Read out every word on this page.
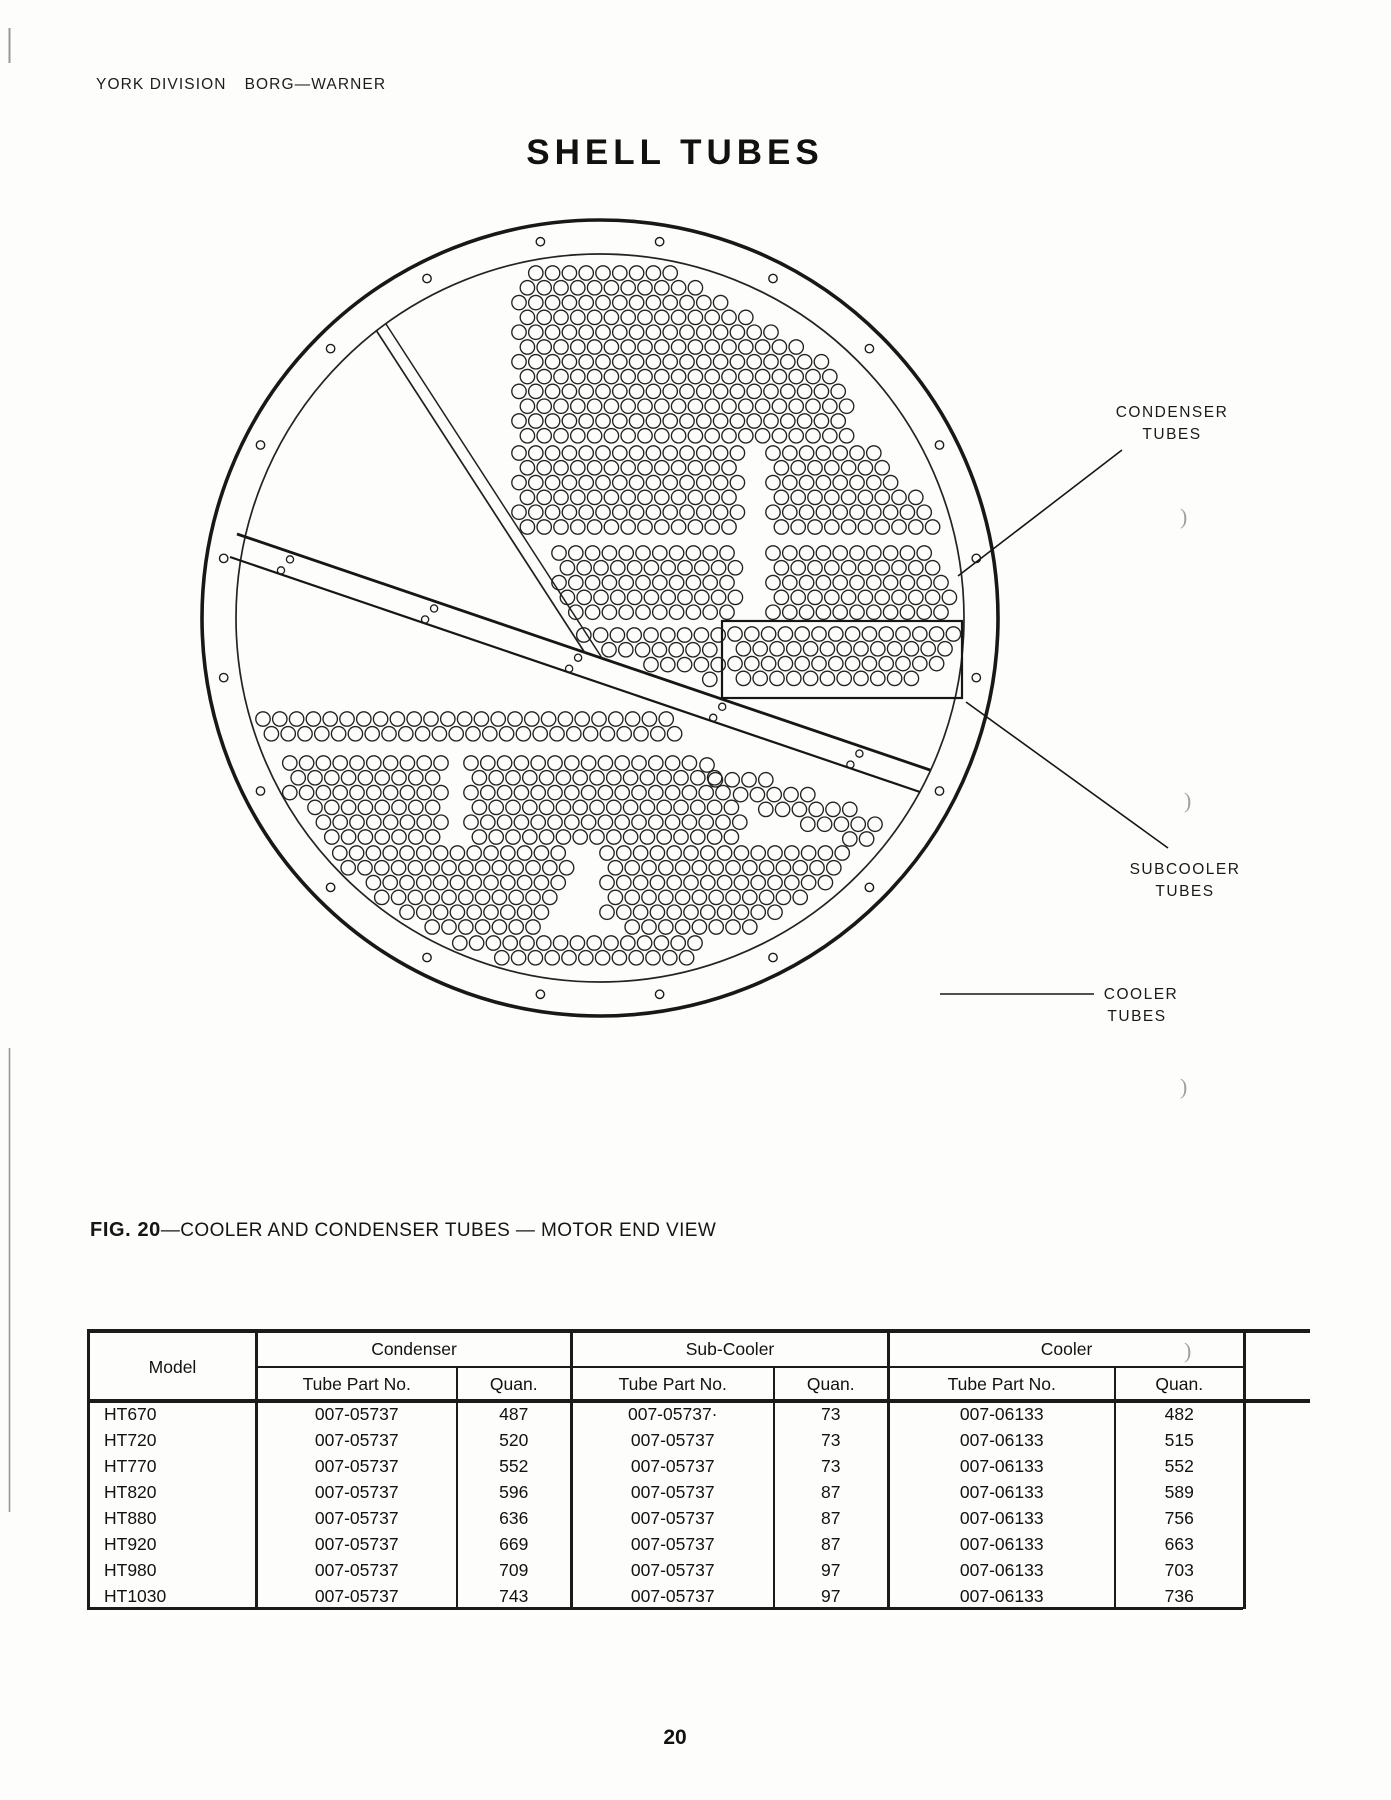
YORK DIVISION BORG—WARNER
SHELL TUBES
CONDENSER
TUBES
SUBCOOLER
TUBES
COOLER
TUBES
)
)
)
)
FIG. 20—COOLER AND CONDENSER TUBES — MOTOR END VIEW
Model	Condenser		Sub-Cooler		Cooler	
	Tube Part No.	Quan.	Tube Part No.	Quan.	Tube Part No.	Quan.
HT670	007-05737	487	007-05737·	73	007-06133	482
HT720	007-05737	520	007-05737	73	007-06133	515
HT770	007-05737	552	007-05737	73	007-06133	552
HT820	007-05737	596	007-05737	87	007-06133	589
HT880	007-05737	636	007-05737	87	007-06133	756
HT920	007-05737	669	007-05737	87	007-06133	663
HT980	007-05737	709	007-05737	97	007-06133	703
HT1030	007-05737	743	007-05737	97	007-06133	736
20
